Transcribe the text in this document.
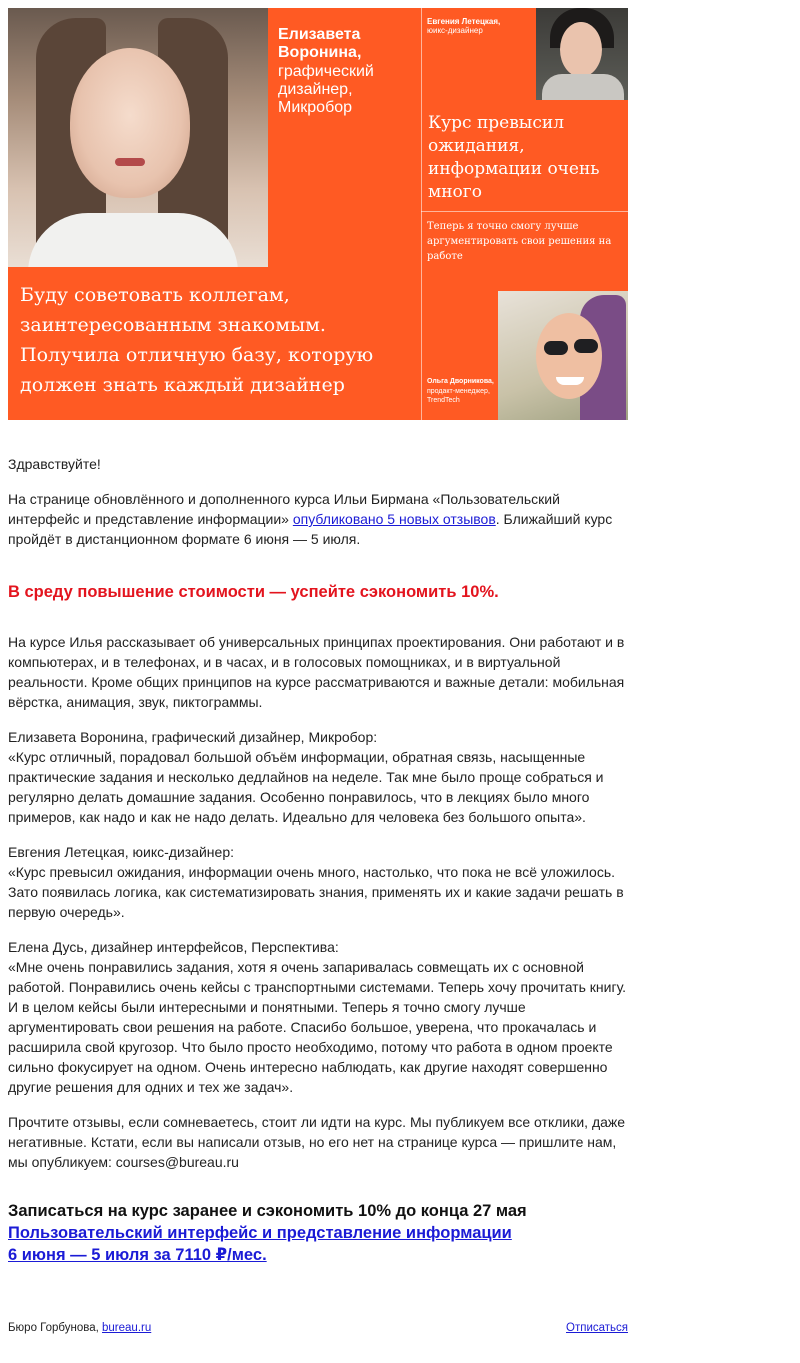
Елизавета Воронина,
графический дизайнер, Микробор
Буду советовать коллегам, заинтересованным знакомым. Получила отличную базу, которую должен знать каждый дизайнер
Евгения Летецкая,
юикс-дизайнер
Курс превысил ожидания, информации очень много
Теперь я точно смогу лучше аргументировать свои решения на работе
Ольга Дворникова,
продакт-менеджер, TrendTech

Здравствуйте!

На странице обновлённого и дополненного курса Ильи Бирмана «Пользовательский интерфейс и представление информации» опубликовано 5 новых отзывов. Ближайший курс пройдёт в дистанционном формате 6 июня — 5 июля.

В среду повышение стоимости — успейте сэкономить 10%.

На курсе Илья рассказывает об универсальных принципах проектирования. Они работают и в компьютерах, и в телефонах, и в часах, и в голосовых помощниках, и в виртуальной реальности. Кроме общих принципов на курсе рассматриваются и важные детали: мобильная вёрстка, анимация, звук, пиктограммы.

Елизавета Воронина, графический дизайнер, Микробор:
«Курс отличный, порадовал большой объём информации, обратная связь, насыщенные практические задания и несколько дедлайнов на неделе. Так мне было проще собраться и регулярно делать домашние задания. Особенно понравилось, что в лекциях было много примеров, как надо и как не надо делать. Идеально для человека без большого опыта».
Евгения Летецкая, юикс-дизайнер:
«Курс превысил ожидания, информации очень много, настолько, что пока не всё уложилось. Зато появилась логика, как систематизировать знания, применять их и какие задачи решать в первую очередь».
Елена Дусь, дизайнер интерфейсов, Перспектива:
«Мне очень понравились задания, хотя я очень запаривалась совмещать их с основной работой. Понравились очень кейсы с транспортными системами. Теперь хочу прочитать книгу. И в целом кейсы были интересными и понятными. Теперь я точно смогу лучше аргументировать свои решения на работе. Спасибо большое, уверена, что прокачалась и расширила свой кругозор. Что было просто необходимо, потому что работа в одном проекте сильно фокусирует на одном. Очень интересно наблюдать, как другие находят совершенно другие решения для одних и тех же задач».

Прочтите отзывы, если сомневаетесь, стоит ли идти на курс. Мы публикуем все отклики, даже негативные. Кстати, если вы написали отзыв, но его нет на странице курса — пришлите нам, мы опубликуем: courses@bureau.ru

Записаться на курс заранее и сэкономить 10% до конца 27 мая
Пользовательский интерфейс и представление информации
6 июня — 5 июля за 7110 ₽/мес.
Бюро Горбунова, bureau.ru	Отписаться
